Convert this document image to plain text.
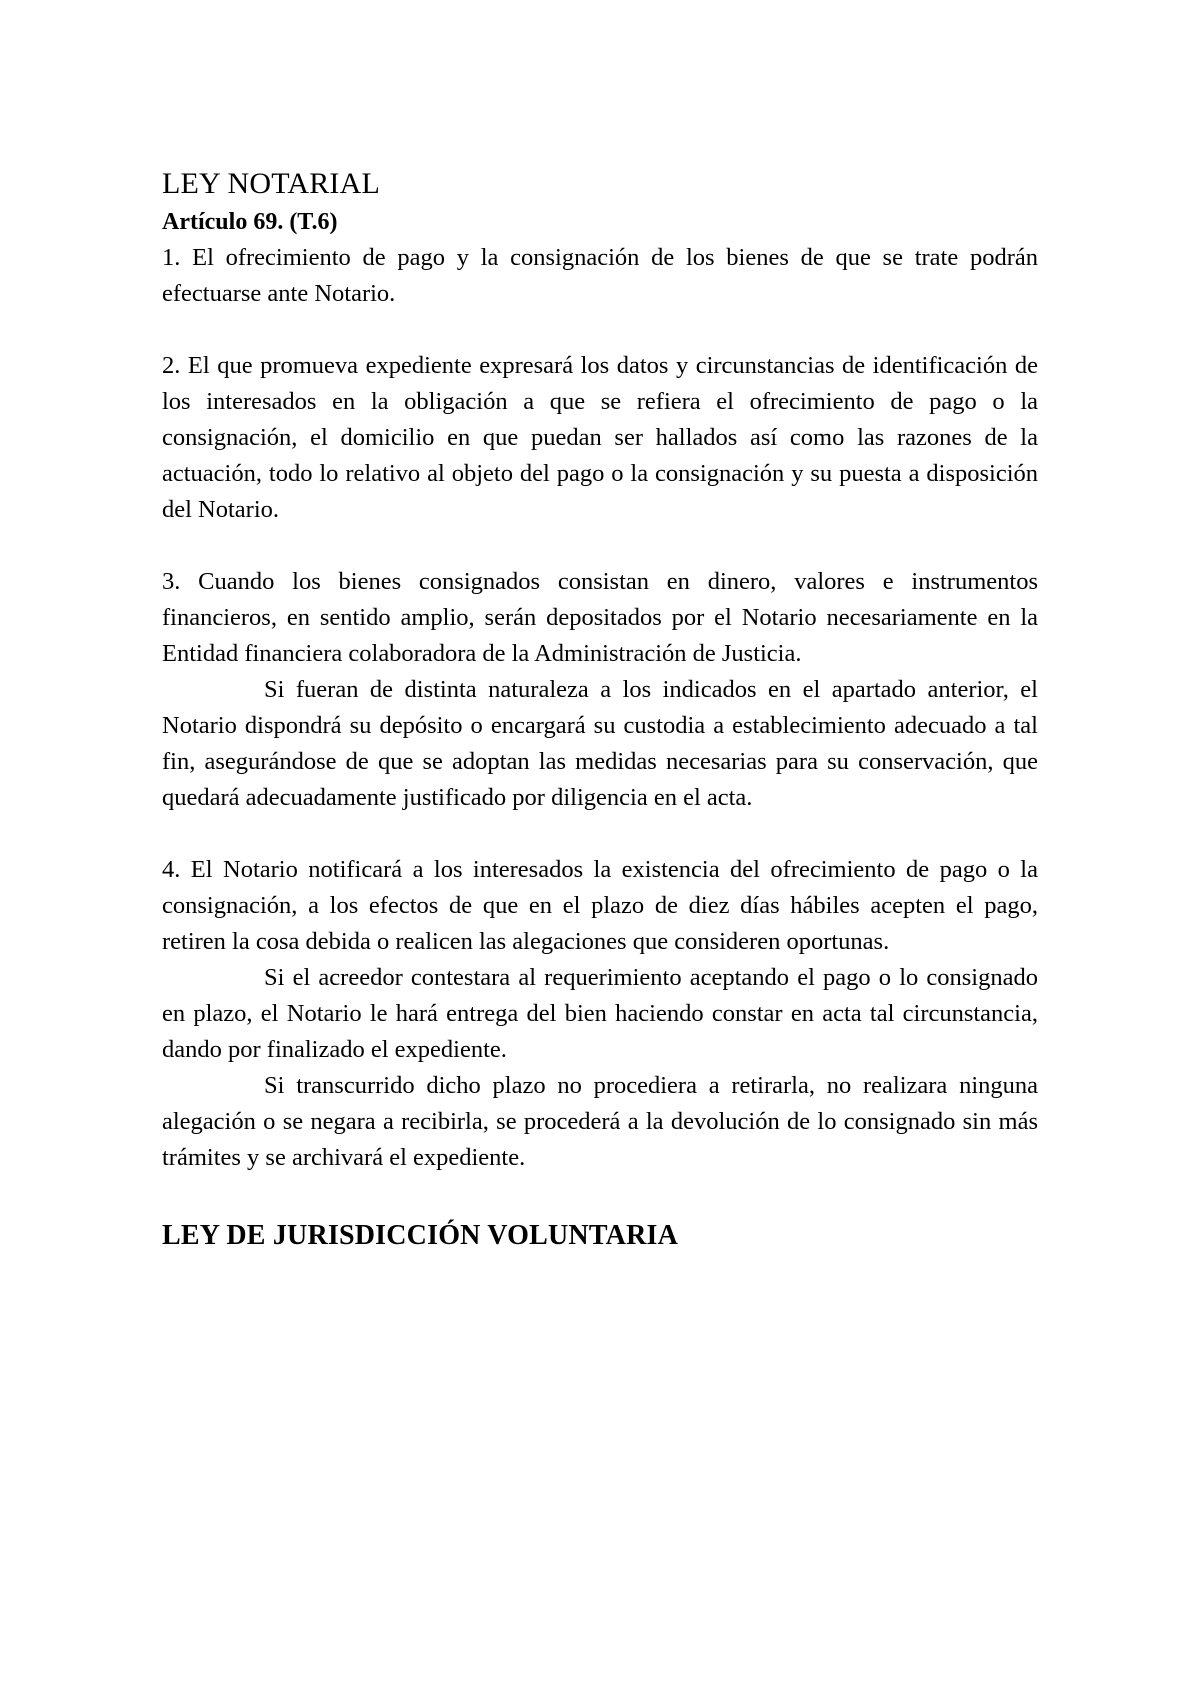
LEY NOTARIAL
Artículo 69. (T.6)

1. El ofrecimiento de pago y la consignación de los bienes de que se trate podrán efectuarse ante Notario.

2. El que promueva expediente expresará los datos y circunstancias de identificación de los interesados en la obligación a que se refiera el ofrecimiento de pago o la consignación, el domicilio en que puedan ser hallados así como las razones de la actuación, todo lo relativo al objeto del pago o la consignación y su puesta a disposición del Notario.

3. Cuando los bienes consignados consistan en dinero, valores e instrumentos financieros, en sentido amplio, serán depositados por el Notario necesariamente en la Entidad financiera colaboradora de la Administración de Justicia.

Si fueran de distinta naturaleza a los indicados en el apartado anterior, el Notario dispondrá su depósito o encargará su custodia a establecimiento adecuado a tal fin, asegurándose de que se adoptan las medidas necesarias para su conservación, que quedará adecuadamente justificado por diligencia en el acta.

4. El Notario notificará a los interesados la existencia del ofrecimiento de pago o la consignación, a los efectos de que en el plazo de diez días hábiles acepten el pago, retiren la cosa debida o realicen las alegaciones que consideren oportunas.

Si el acreedor contestara al requerimiento aceptando el pago o lo consignado en plazo, el Notario le hará entrega del bien haciendo constar en acta tal circunstancia, dando por finalizado el expediente.

Si transcurrido dicho plazo no procediera a retirarla, no realizara ninguna alegación o se negara a recibirla, se procederá a la devolución de lo consignado sin más trámites y se archivará el expediente.

LEY DE JURISDICCIÓN VOLUNTARIA
